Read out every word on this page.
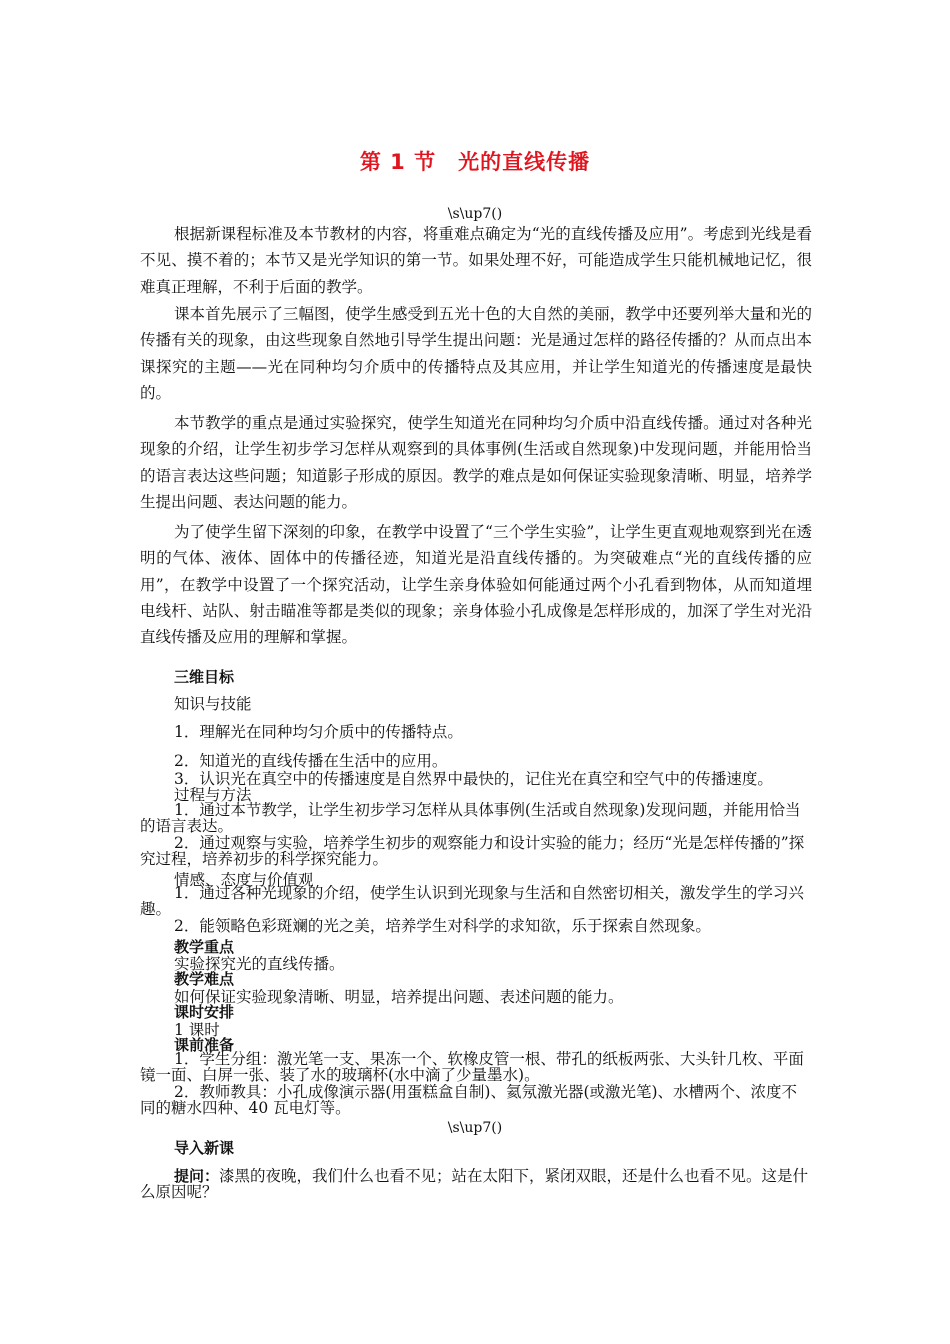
第 1 节　光的直线传播
\s\up7()

根据新课程标准及本节教材的内容，将重难点确定为“光的直线传播及应用”。考虑到光线是看不见、摸不着的；本节又是光学知识的第一节。如果处理不好，可能造成学生只能机械地记忆，很难真正理解，不利于后面的教学。

课本首先展示了三幅图，使学生感受到五光十色的大自然的美丽，教学中还要列举大量和光的传播有关的现象，由这些现象自然地引导学生提出问题：光是通过怎样的路径传播的？从而点出本课探究的主题——光在同种均匀介质中的传播特点及其应用，并让学生知道光的传播速度是最快的。

本节教学的重点是通过实验探究，使学生知道光在同种均匀介质中沿直线传播。通过对各种光现象的介绍，让学生初步学习怎样从观察到的具体事例(生活或自然现象)中发现问题，并能用恰当的语言表达这些问题；知道影子形成的原因。教学的难点是如何保证实验现象清晰、明显，培养学生提出问题、表达问题的能力。

为了使学生留下深刻的印象，在教学中设置了“三个学生实验”，让学生更直观地观察到光在透明的气体、液体、固体中的传播径迹，知道光是沿直线传播的。为突破难点“光的直线传播的应用”，在教学中设置了一个探究活动，让学生亲身体验如何能通过两个小孔看到物体，从而知道埋电线杆、站队、射击瞄准等都是类似的现象；亲身体验小孔成像是怎样形成的，加深了学生对光沿直线传播及应用的理解和掌握。

三维目标
知识与技能
1．理解光在同种均匀介质中的传播特点。
2．知道光的直线传播在生活中的应用。
3．认识光在真空中的传播速度是自然界中最快的，记住光在真空和空气中的传播速度。
过程与方法

1．通过本节教学，让学生初步学习怎样从具体事例(生活或自然现象)发现问题，并能用恰当的语言表达。

2．通过观察与实验，培养学生初步的观察能力和设计实验的能力；经历“光是怎样传播的”探究过程，培养初步的科学探究能力。

情感、态度与价值观

1．通过各种光现象的介绍，使学生认识到光现象与生活和自然密切相关，激发学生的学习兴趣。

2．能领略色彩斑斓的光之美，培养学生对科学的求知欲，乐于探索自然现象。

教学重点
实验探究光的直线传播。
教学难点
如何保证实验现象清晰、明显，培养提出问题、表述问题的能力。
课时安排
1 课时
课前准备

1．学生分组：激光笔一支、果冻一个、软橡皮管一根、带孔的纸板两张、大头针几枚、平面镜一面、白屏一张、装了水的玻璃杯(水中滴了少量墨水)。

2．教师教具：小孔成像演示器(用蛋糕盒自制)、氦氖激光器(或激光笔)、水槽两个、浓度不同的糖水四种、40 瓦电灯等。

\s\up7()
导入新课

提问：漆黑的夜晚，我们什么也看不见；站在太阳下，紧闭双眼，还是什么也看不见。这是什么原因呢？
